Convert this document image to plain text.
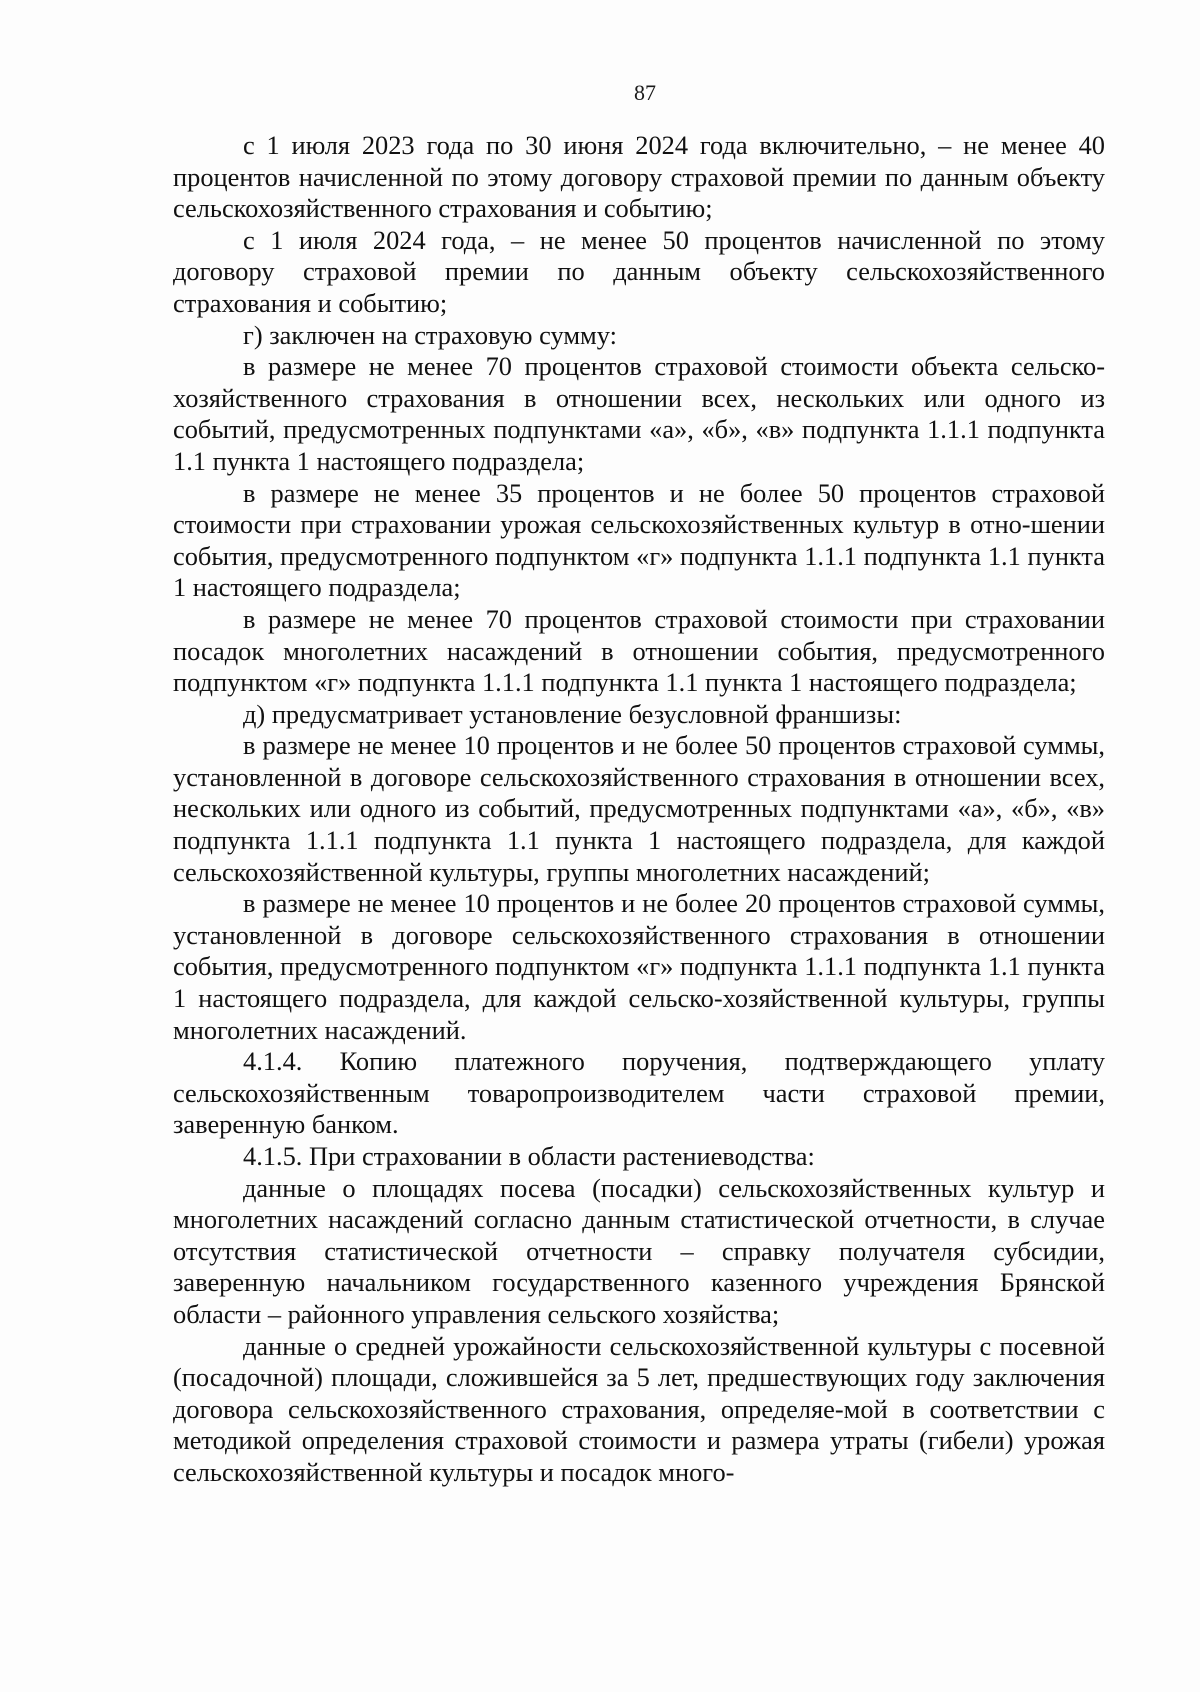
87

с 1 июля 2023 года по 30 июня 2024 года включительно, – не менее 40 процентов начисленной по этому договору страховой премии по данным объекту сельскохозяйственного страхования и событию;

с 1 июля 2024 года, – не менее 50 процентов начисленной по этому договору страховой премии по данным объекту сельскохозяйственного страхования и событию;

г) заключен на страховую сумму:

в размере не менее 70 процентов страховой стоимости объекта сельско-хозяйственного страхования в отношении всех, нескольких или одного из событий, предусмотренных подпунктами «а», «б», «в» подпункта 1.1.1 подпункта 1.1 пункта 1 настоящего подраздела;

в размере не менее 35 процентов и не более 50 процентов страховой стоимости при страховании урожая сельскохозяйственных культур в отно-шении события, предусмотренного подпунктом «г» подпункта 1.1.1 подпункта 1.1 пункта 1 настоящего подраздела;

в размере не менее 70 процентов страховой стоимости при страховании посадок многолетних насаждений в отношении события, предусмотренного подпунктом «г» подпункта 1.1.1 подпункта 1.1 пункта 1 настоящего подраздела;

д) предусматривает установление безусловной франшизы:

в размере не менее 10 процентов и не более 50 процентов страховой суммы, установленной в договоре сельскохозяйственного страхования в отношении всех, нескольких или одного из событий, предусмотренных подпунктами «а», «б», «в» подпункта 1.1.1 подпункта 1.1 пункта 1 настоящего подраздела, для каждой сельскохозяйственной культуры, группы многолетних насаждений;

в размере не менее 10 процентов и не более 20 процентов страховой суммы, установленной в договоре сельскохозяйственного страхования в отношении события, предусмотренного подпунктом «г» подпункта 1.1.1 подпункта 1.1 пункта 1 настоящего подраздела, для каждой сельско-хозяйственной культуры, группы многолетних насаждений.

4.1.4. Копию платежного поручения, подтверждающего уплату сельскохозяйственным товаропроизводителем части страховой премии, заверенную банком.

4.1.5. При страховании в области растениеводства:

данные о площадях посева (посадки) сельскохозяйственных культур и многолетних насаждений согласно данным статистической отчетности, в случае отсутствия статистической отчетности – справку получателя субсидии, заверенную начальником государственного казенного учреждения Брянской области – районного управления сельского хозяйства;

данные о средней урожайности сельскохозяйственной культуры с посевной (посадочной) площади, сложившейся за 5 лет, предшествующих году заключения договора сельскохозяйственного страхования, определяе-мой в соответствии с методикой определения страховой стоимости и размера утраты (гибели) урожая сельскохозяйственной культуры и посадок много-
